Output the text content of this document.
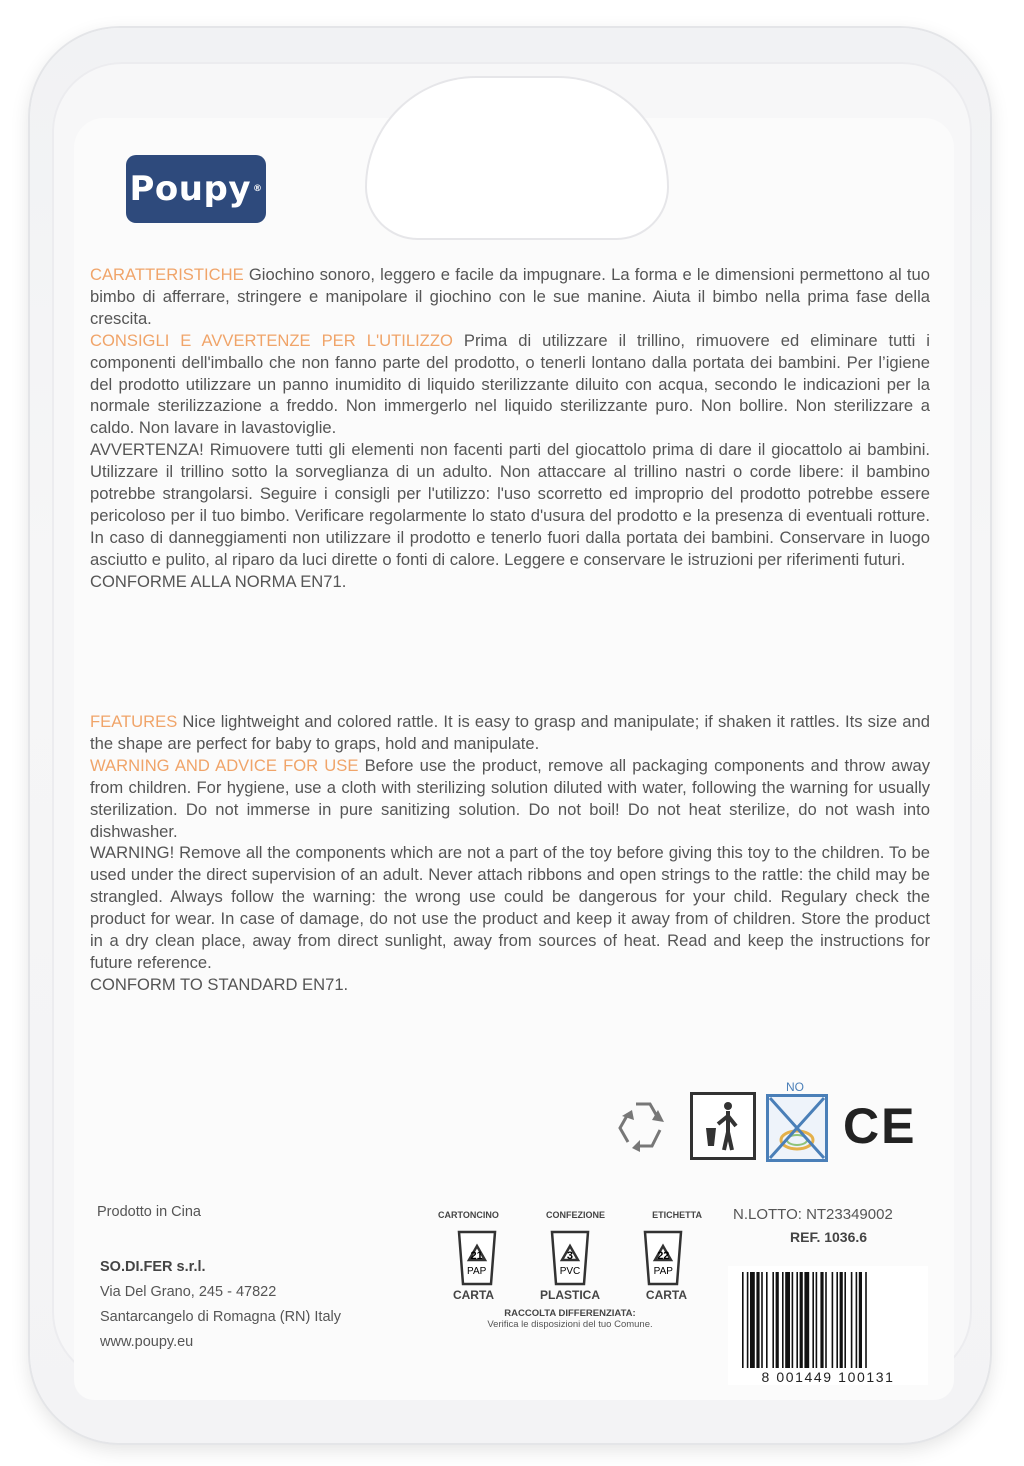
Poupy ®
CARATTERISTICHE Giochino sonoro, leggero e facile da impugnare. La forma e le dimensioni permettono al tuo bimbo di afferrare, stringere e manipolare il giochino con le sue manine. Aiuta il bimbo nella prima fase della crescita.
CONSIGLI E AVVERTENZE PER L'UTILIZZO Prima di utilizzare il trillino, rimuovere ed eliminare tutti i componenti dell'imballo che non fanno parte del prodotto, o tenerli lontano dalla portata dei bambini. Per l’igiene del prodotto utilizzare un panno inumidito di liquido sterilizzante diluito con acqua, secondo le indicazioni per la normale sterilizzazione a freddo. Non immergerlo nel liquido sterilizzante puro. Non bollire. Non sterilizzare a caldo. Non lavare in lavastoviglie.
AVVERTENZA! Rimuovere tutti gli elementi non facenti parti del giocattolo prima di dare il giocattolo ai bambini. Utilizzare il trillino sotto la sorveglianza di un adulto. Non attaccare al trillino nastri o corde libere: il bambino potrebbe strangolarsi. Seguire i consigli per l'utilizzo: l'uso scorretto ed improprio del prodotto potrebbe essere pericoloso per il tuo bimbo. Verificare regolarmente lo stato d'usura del prodotto e la presenza di eventuali rotture. In caso di danneggiamenti non utilizzare il prodotto e tenerlo fuori dalla portata dei bambini. Conservare in luogo asciutto e pulito, al riparo da luci dirette o fonti di calore. Leggere e conservare le istruzioni per riferimenti futuri.
CONFORME ALLA NORMA EN71.
FEATURES Nice lightweight and colored rattle. It is easy to grasp and manipulate; if shaken it rattles. Its size and the shape are perfect for baby to graps, hold and manipulate.
WARNING AND ADVICE FOR USE Before use the product, remove all packaging components and throw away from children. For hygiene, use a cloth with sterilizing solution diluted with water, following the warning for usually sterilization. Do not immerse in pure sanitizing solution. Do not boil! Do not heat sterilize, do not wash into dishwasher.
WARNING! Remove all the components which are not a part of the toy before giving this toy to the children. To be used under the direct supervision of an adult. Never attach ribbons and open strings to the rattle: the child may be strangled. Always follow the warning: the wrong use could be dangerous for your child. Regulary check the product for wear. In case of damage, do not use the product and keep it away from of children. Store the product in a dry clean place, away from direct sunlight, away from sources of heat. Read and keep the instructions for future reference.
CONFORM TO STANDARD EN71.
NO
CE
Prodotto in Cina
SO.DI.FER s.r.l.
Via Del Grano, 245 - 47822
Santarcangelo di Romagna (RN) Italy
www.poupy.eu
CARTONCINO	CONFEZIONE	ETICHETTA
21
PAP
3
PVC
22
PAP
CARTA	PLASTICA	CARTA
RACCOLTA DIFFERENZIATA:
Verifica le disposizioni del tuo Comune.
N.LOTTO: NT23349002
REF. 1036.6
8 001449 100131
